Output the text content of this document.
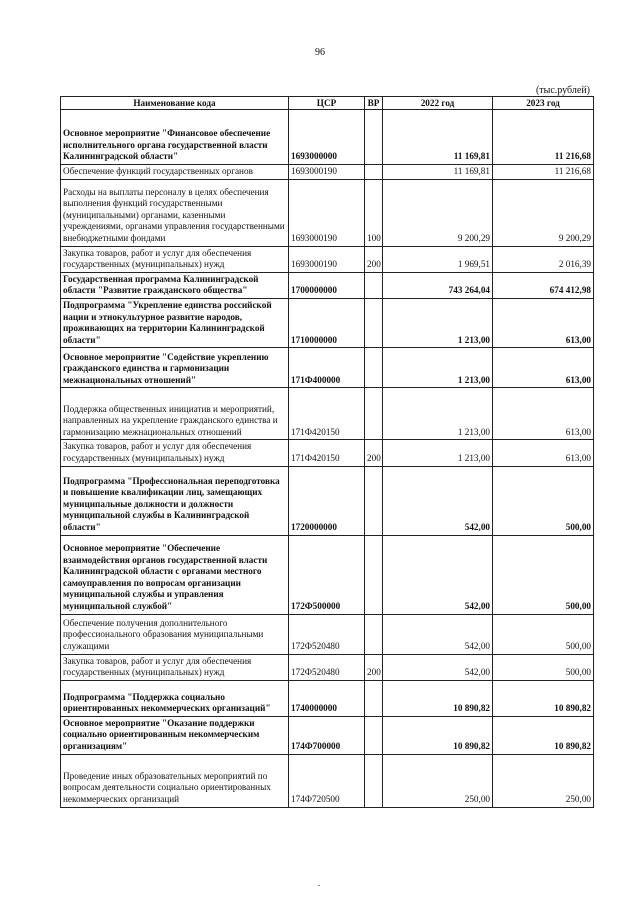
96
(тыс.рублей)
Наименование кода	ЦСР	ВР	2022 год	2023 год
Основное мероприятие "Финансовое обеспечение исполнительного органа государственной власти Калининградской области"	1693000000		11 169,81	11 216,68
Обеспечение функций государственных органов	1693000190		11 169,81	11 216,68
Расходы на выплаты персоналу в целях обеспечения выполнения функций государственными (муниципальными) органами, казенными учреждениями, органами управления государственными внебюджетными фондами	1693000190	100	9 200,29	9 200,29
Закупка товаров, работ и услуг для обеспечения государственных (муниципальных) нужд	1693000190	200	1 969,51	2 016,39
Государственная программа Калининградской области "Развитие гражданского общества"	1700000000		743 264,04	674 412,98
Подпрограмма "Укрепление единства российской нации и этнокультурное развитие народов, проживающих на территории Калининградской области"	1710000000		1 213,00	613,00
Основное мероприятие "Содействие укреплению гражданского единства и гармонизации межнациональных отношений"	171Ф400000		1 213,00	613,00
Поддержка общественных инициатив и мероприятий, направленных на укрепление гражданского единства и гармонизацию межнациональных отношений	171Ф420150		1 213,00	613,00
Закупка товаров, работ и услуг для обеспечения государственных (муниципальных) нужд	171Ф420150	200	1 213,00	613,00
Подпрограмма "Профессиональная переподготовка и повышение квалификации лиц, замещающих муниципальные должности и должности муниципальной службы в Калининградской области"	1720000000		542,00	500,00
Основное мероприятие "Обеспечение взаимодействия органов государственной власти Калининградской области с органами местного самоуправления по вопросам организации муниципальной службы и управления муниципальной службой"	172Ф500000		542,00	500,00
Обеспечение получения дополнительного профессионального образования муниципальными служащими	172Ф520480		542,00	500,00
Закупка товаров, работ и услуг для обеспечения государственных (муниципальных) нужд	172Ф520480	200	542,00	500,00
Подпрограмма "Поддержка социально ориентированных некоммерческих организаций"	1740000000		10 890,82	10 890,82
Основное мероприятие "Оказание поддержки социально ориентированным некоммерческим организациям"	174Ф700000		10 890,82	10 890,82
Проведение иных образовательных мероприятий по вопросам деятельности социально ориентированных некоммерческих организаций	174Ф720500		250,00	250,00
